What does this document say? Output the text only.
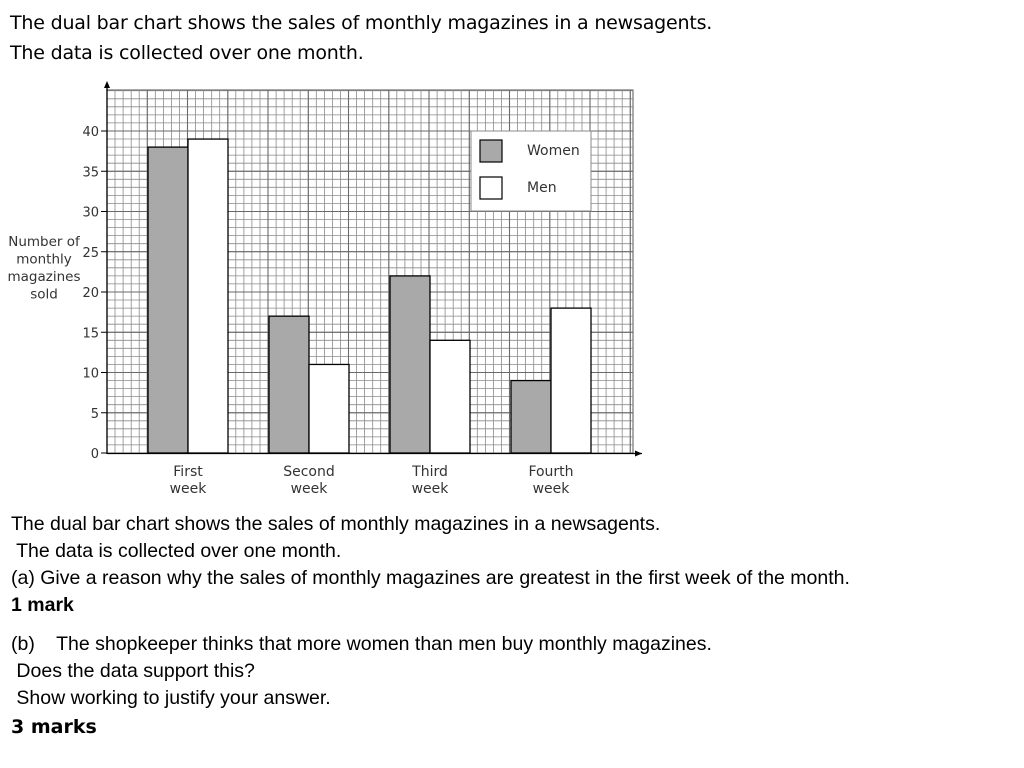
The dual bar chart shows the sales of monthly magazines in a newsagents.
The data is collected over one month.
0
5
10
15
20
25
30
35
40
Number of
monthly
magazines
sold
First
week
Second
week
Third
week
Fourth
week
Women
Men
The dual bar chart shows the sales of monthly magazines in a newsagents.
The data is collected over one month.
(a) Give a reason why the sales of monthly magazines are greatest in the first week of the month.
1 mark
(b)    The shopkeeper thinks that more women than men buy monthly magazines.
Does the data support this?
Show working to justify your answer.
3 marks
